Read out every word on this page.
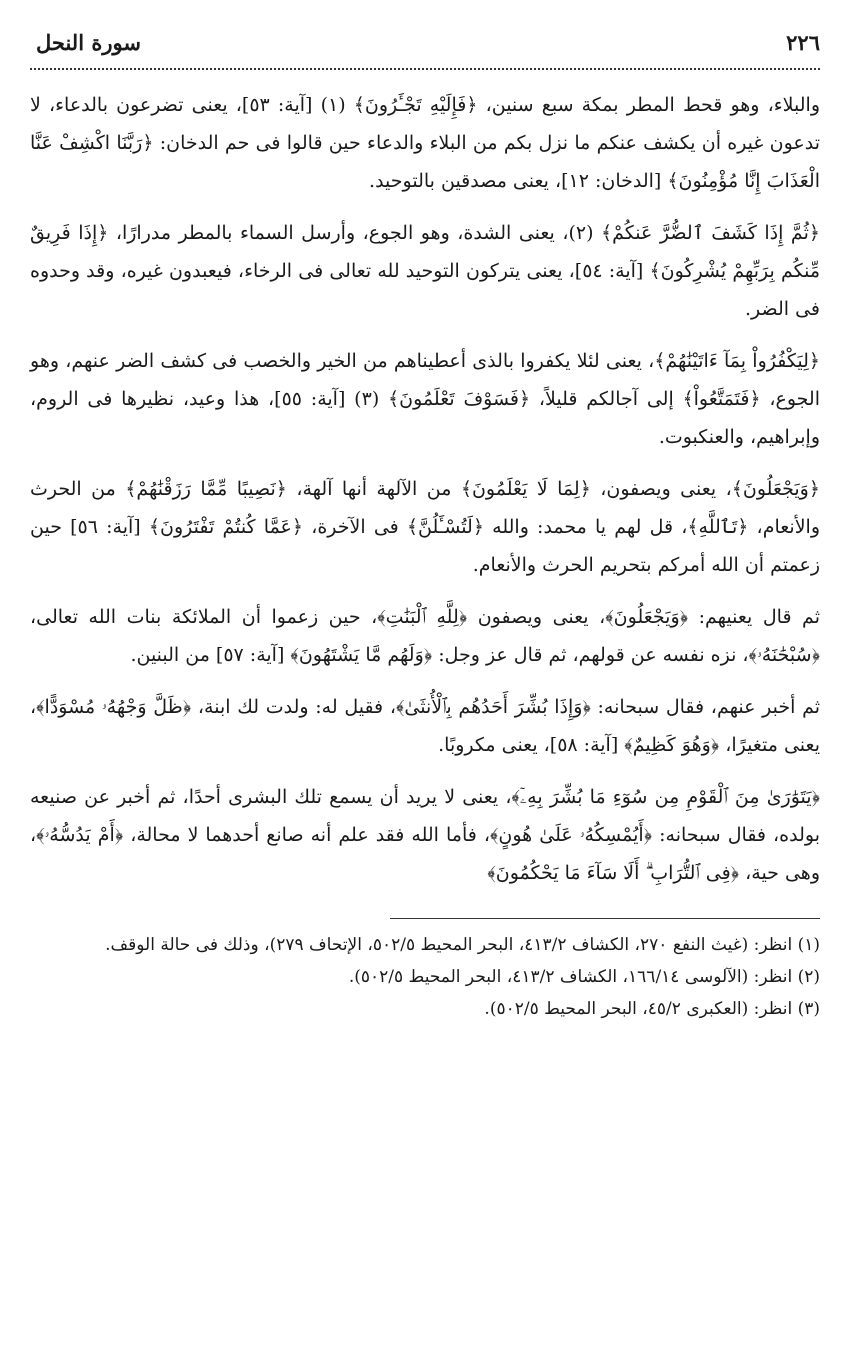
٢٢٦
سورة النحل

والبلاء، وهو قحط المطر بمكة سبع سنين، ﴿فَإِلَيْهِ تَجْـَٔرُونَ﴾ (١) [آية: ٥٣]، يعنى تضرعون بالدعاء، لا تدعون غيره أن يكشف عنكم ما نزل بكم من البلاء والدعاء حين قالوا فى حم الدخان: ﴿رَبَّنَا اكْشِفْ عَنَّا الْعَذَابَ إِنَّا مُؤْمِنُونَ﴾ [الدخان: ١٢]، يعنى مصدقين بالتوحيد.

﴿ثُمَّ إِذَا كَشَفَ ٱلضُّرَّ عَنكُمْ﴾ (٢)، يعنى الشدة، وهو الجوع، وأرسل السماء بالمطر مدرارًا، ﴿إِذَا فَرِيقٌ مِّنكُم بِرَبِّهِمْ يُشْرِكُونَ﴾ [آية: ٥٤]، يعنى يتركون التوحيد لله تعالى فى الرخاء، فيعبدون غيره، وقد وحدوه فى الضر.

﴿لِيَكْفُرُواْ بِمَآ ءَاتَيْنَٰهُمْ﴾، يعنى لئلا يكفروا بالذى أعطيناهم من الخير والخصب فى كشف الضر عنهم، وهو الجوع، ﴿فَتَمَتَّعُواْ﴾ إلى آجالكم قليلاً، ﴿فَسَوْفَ تَعْلَمُونَ﴾ (٣) [آية: ٥٥]، هذا وعيد، نظيرها فى الروم، وإبراهيم، والعنكبوت.

﴿وَيَجْعَلُونَ﴾، يعنى ويصفون، ﴿لِمَا لَا يَعْلَمُونَ﴾ من الآلهة أنها آلهة، ﴿نَصِيبًا مِّمَّا رَزَقْنَٰهُمْ﴾ من الحرث والأنعام، ﴿تَٱللَّهِ﴾، قل لهم يا محمد: والله ﴿لَتُسْـَٔلُنَّ﴾ فى الآخرة، ﴿عَمَّا كُنتُمْ تَفْتَرُونَ﴾ [آية: ٥٦] حين زعمتم أن الله أمركم بتحريم الحرث والأنعام.

ثم قال يعنيهم: ﴿وَيَجْعَلُونَ﴾، يعنى ويصفون ﴿لِلَّهِ ٱلْبَنَٰتِ﴾، حين زعموا أن الملائكة بنات الله تعالى، ﴿سُبْحَٰنَهُۥ﴾، نزه نفسه عن قولهم، ثم قال عز وجل: ﴿وَلَهُم مَّا يَشْتَهُونَ﴾ [آية: ٥٧] من البنين.

ثم أخبر عنهم، فقال سبحانه: ﴿وَإِذَا بُشِّرَ أَحَدُهُم بِٱلْأُنثَىٰ﴾، فقيل له: ولدت لك ابنة، ﴿ظَلَّ وَجْهُهُۥ مُسْوَدًّا﴾، يعنى متغيرًا، ﴿وَهُوَ كَظِيمٌ﴾ [آية: ٥٨]، يعنى مكروبًا.

﴿يَتَوَٰرَىٰ مِنَ ٱلْقَوْمِ مِن سُوٓءِ مَا بُشِّرَ بِهِۦٓ﴾، يعنى لا يريد أن يسمع تلك البشرى أحدًا، ثم أخبر عن صنيعه بولده، فقال سبحانه: ﴿أَيُمْسِكُهُۥ عَلَىٰ هُونٍ﴾، فأما الله فقد علم أنه صانع أحدهما لا محالة، ﴿أَمْ يَدُسُّهُۥ﴾، وهى حية، ﴿فِى ٱلتُّرَابِ ۗ أَلَا سَآءَ مَا يَحْكُمُونَ﴾

(١) انظر: (غيث النفع ٢٧٠، الكشاف ٤١٣/٢، البحر المحيط ٥٠٢/٥، الإتحاف ٢٧٩)، وذلك فى حالة الوقف.

(٢) انظر: (الآلوسى ١٦٦/١٤، الكشاف ٤١٣/٢، البحر المحيط ٥٠٢/٥).

(٣) انظر: (العكبرى ٤٥/٢، البحر المحيط ٥٠٢/٥).
